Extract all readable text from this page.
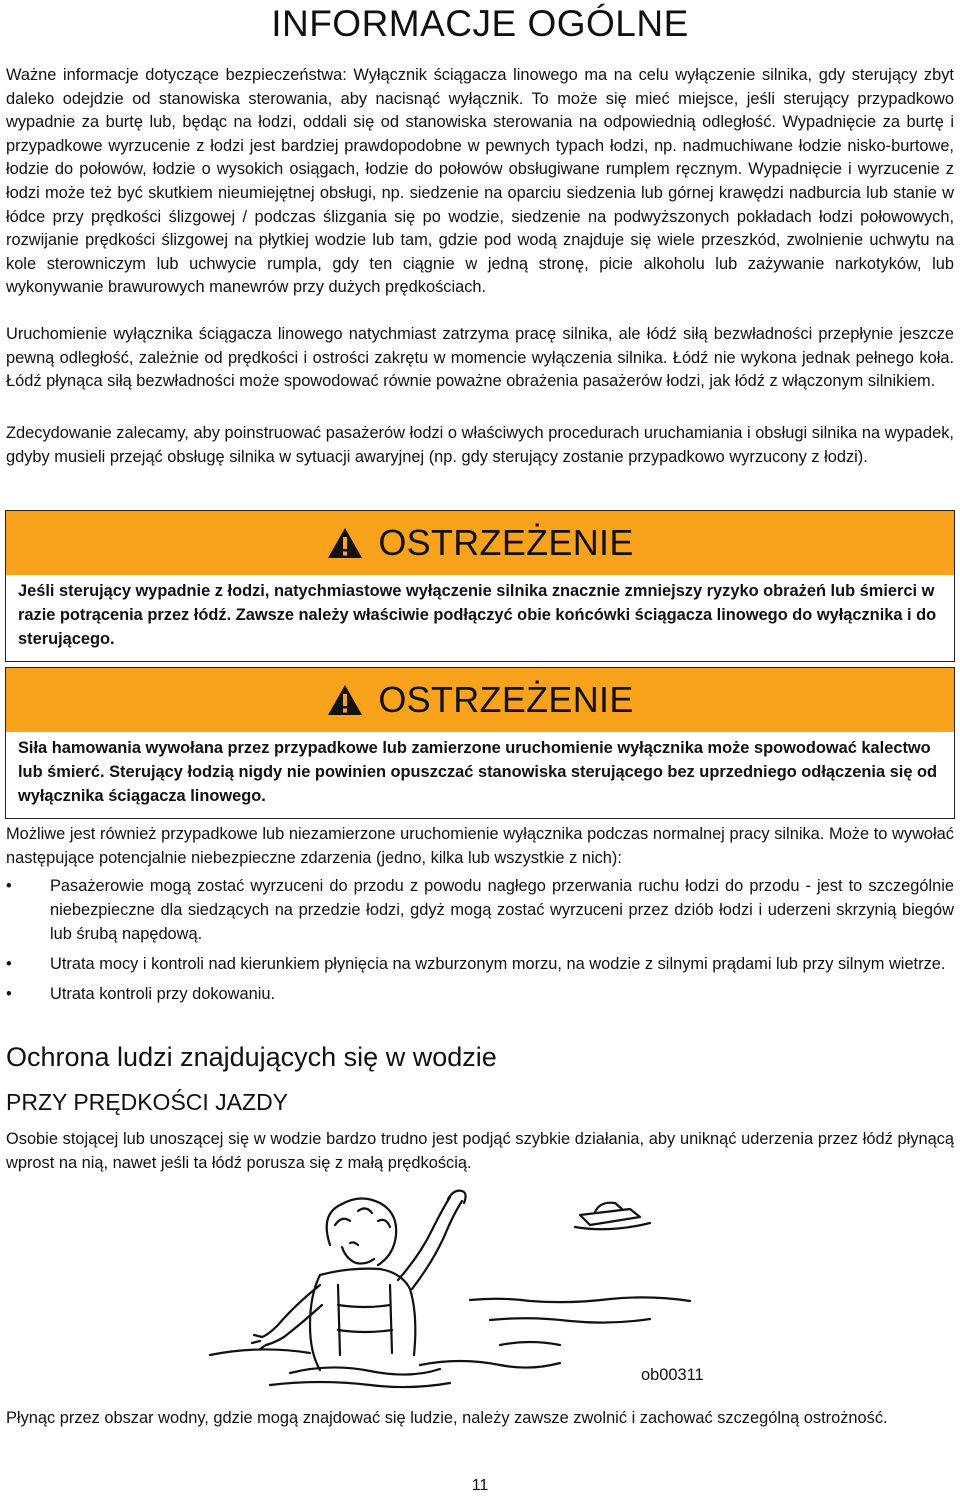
INFORMACJE OGÓLNE

Ważne informacje dotyczące bezpieczeństwa: Wyłącznik ściągacza linowego ma na celu wyłączenie silnika, gdy sterujący zbyt daleko odejdzie od stanowiska sterowania, aby nacisnąć wyłącznik. To może się mieć miejsce, jeśli sterujący przypadkowo wypadnie za burtę lub, będąc na łodzi, oddali się od stanowiska sterowania na odpowiednią odległość. Wypadnięcie za burtę i przypadkowe wyrzucenie z łodzi jest bardziej prawdopodobne w pewnych typach łodzi, np. nadmuchiwane łodzie nisko-burtowe, łodzie do połowów, łodzie o wysokich osiągach, łodzie do połowów obsługiwane rumplem ręcznym. Wypadnięcie i wyrzucenie z łodzi może też być skutkiem nieumiejętnej obsługi, np. siedzenie na oparciu siedzenia lub górnej krawędzi nadburcia lub stanie w łódce przy prędkości ślizgowej / podczas ślizgania się po wodzie, siedzenie na podwyższonych pokładach łodzi połowowych, rozwijanie prędkości ślizgowej na płytkiej wodzie lub tam, gdzie pod wodą znajduje się wiele przeszkód, zwolnienie uchwytu na kole sterowniczym lub uchwycie rumpla, gdy ten ciągnie w jedną stronę, picie alkoholu lub zażywanie narkotyków, lub wykonywanie brawurowych manewrów przy dużych prędkościach.

Uruchomienie wyłącznika ściągacza linowego natychmiast zatrzyma pracę silnika, ale łódź siłą bezwładności przepłynie jeszcze pewną odległość, zależnie od prędkości i ostrości zakrętu w momencie wyłączenia silnika. Łódź nie wykona jednak pełnego koła. Łódź płynąca siłą bezwładności może spowodować równie poważne obrażenia pasażerów łodzi, jak łódź z włączonym silnikiem.

Zdecydowanie zalecamy, aby poinstruować pasażerów łodzi o właściwych procedurach uruchamiania i obsługi silnika na wypadek, gdyby musieli przejąć obsługę silnika w sytuacji awaryjnej (np. gdy sterujący zostanie przypadkowo wyrzucony z łodzi).

OSTRZEŻENIE
Jeśli sterujący wypadnie z łodzi, natychmiastowe wyłączenie silnika znacznie zmniejszy ryzyko obrażeń lub śmierci w razie potrącenia przez łódź. Zawsze należy właściwie podłączyć obie końcówki ściągacza linowego do wyłącznika i do sterującego.
OSTRZEŻENIE
Siła hamowania wywołana przez przypadkowe lub zamierzone uruchomienie wyłącznika może spowodować kalectwo lub śmierć. Sterujący łodzią nigdy nie powinien opuszczać stanowiska sterującego bez uprzedniego odłączenia się od wyłącznika ściągacza linowego.

Możliwe jest również przypadkowe lub niezamierzone uruchomienie wyłącznika podczas normalnej pracy silnika. Może to wywołać następujące potencjalnie niebezpieczne zdarzenia (jedno, kilka lub wszystkie z nich):

• Pasażerowie mogą zostać wyrzuceni do przodu z powodu nagłego przerwania ruchu łodzi do przodu - jest to szczególnie niebezpieczne dla siedzących na przedzie łodzi, gdyż mogą zostać wyrzuceni przez dziób łodzi i uderzeni skrzynią biegów lub śrubą napędową.
• Utrata mocy i kontroli nad kierunkiem płynięcia na wzburzonym morzu, na wodzie z silnymi prądami lub przy silnym wietrze.
• Utrata kontroli przy dokowaniu.
Ochrona ludzi znajdujących się w wodzie
PRZY PRĘDKOŚCI JAZDY

Osobie stojącej lub unoszącej się w wodzie bardzo trudno jest podjąć szybkie działania, aby uniknąć uderzenia przez łódź płynącą wprost na nią, nawet jeśli ta łódź porusza się z małą prędkością.

ob00311

Płynąc przez obszar wodny, gdzie mogą znajdować się ludzie, należy zawsze zwolnić i zachować szczególną ostrożność.

11
